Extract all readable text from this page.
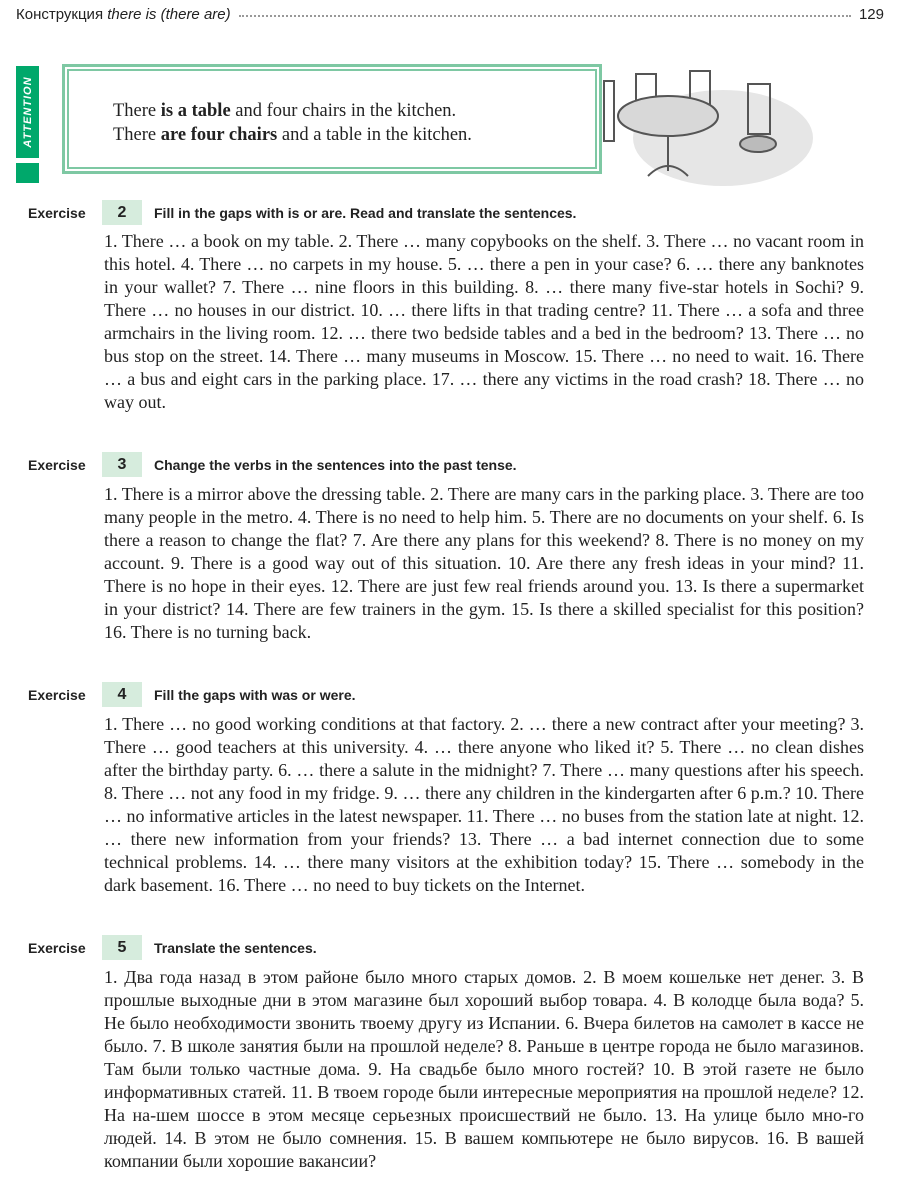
Конструкция there is (there are)	129
ATTENTION	There is a table and four chairs in the kitchen.
There are four chairs and a table in the kitchen.
Exercise	2	Fill in the gaps with is or are. Read and translate the sentences.
1. There … a book on my table. 2. There … many copybooks on the shelf. 3. There … no vacant room in this hotel. 4. There … no carpets in my house. 5. … there a pen in your case? 6. … there any banknotes in your wallet? 7. There … nine floors in this building. 8. … there many five-star hotels in Sochi? 9. There … no houses in our district. 10. … there lifts in that trading centre? 11. There … a sofa and three armchairs in the living room. 12. … there two bedside tables and a bed in the bedroom? 13. There … no bus stop on the street. 14. There … many museums in Moscow. 15. There … no need to wait. 16. There … a bus and eight cars in the parking place. 17. … there any victims in the road crash? 18. There … no way out.
Exercise	3	Change the verbs in the sentences into the past tense.
1. There is a mirror above the dressing table. 2. There are many cars in the parking place. 3. There are too many people in the metro. 4. There is no need to help him. 5. There are no documents on your shelf. 6. Is there a reason to change the flat? 7. Are there any plans for this weekend? 8. There is no money on my account. 9. There is a good way out of this situation. 10. Are there any fresh ideas in your mind? 11. There is no hope in their eyes. 12. There are just few real friends around you. 13. Is there a supermarket in your district? 14. There are few trainers in the gym. 15. Is there a skilled specialist for this position? 16. There is no turning back.
Exercise	4	Fill the gaps with was or were.
1. There … no good working conditions at that factory. 2. … there a new contract after your meeting? 3. There … good teachers at this university. 4. … there anyone who liked it? 5. There … no clean dishes after the birthday party. 6. … there a salute in the midnight? 7. There … many questions after his speech. 8. There … not any food in my fridge. 9. … there any children in the kindergarten after 6 p.m.? 10. There … no informative articles in the latest newspaper. 11. There … no buses from the station late at night. 12. … there new information from your friends? 13. There … a bad internet connection due to some technical problems. 14. … there many visitors at the exhibition today? 15. There … somebody in the dark basement. 16. There … no need to buy tickets on the Internet.
Exercise	5	Translate the sentences.
1. Два года назад в этом районе было много старых домов. 2. В моем кошельке нет денег. 3. В прошлые выходные дни в этом магазине был хороший выбор товара. 4. В колодце была вода? 5. Не было необходимости звонить твоему другу из Испании. 6. Вчера билетов на самолет в кассе не было. 7. В школе занятия были на прошлой неделе? 8. Раньше в центре города не было магазинов. Там были только частные дома. 9. На свадьбе было много гостей? 10. В этой газете не было информативных статей. 11. В твоем городе были интересные мероприятия на прошлой неделе? 12. На на-шем шоссе в этом месяце серьезных происшествий не было. 13. На улице было мно-го людей. 14. В этом не было сомнения. 15. В вашем компьютере не было вирусов. 16. В вашей компании были хорошие вакансии?
